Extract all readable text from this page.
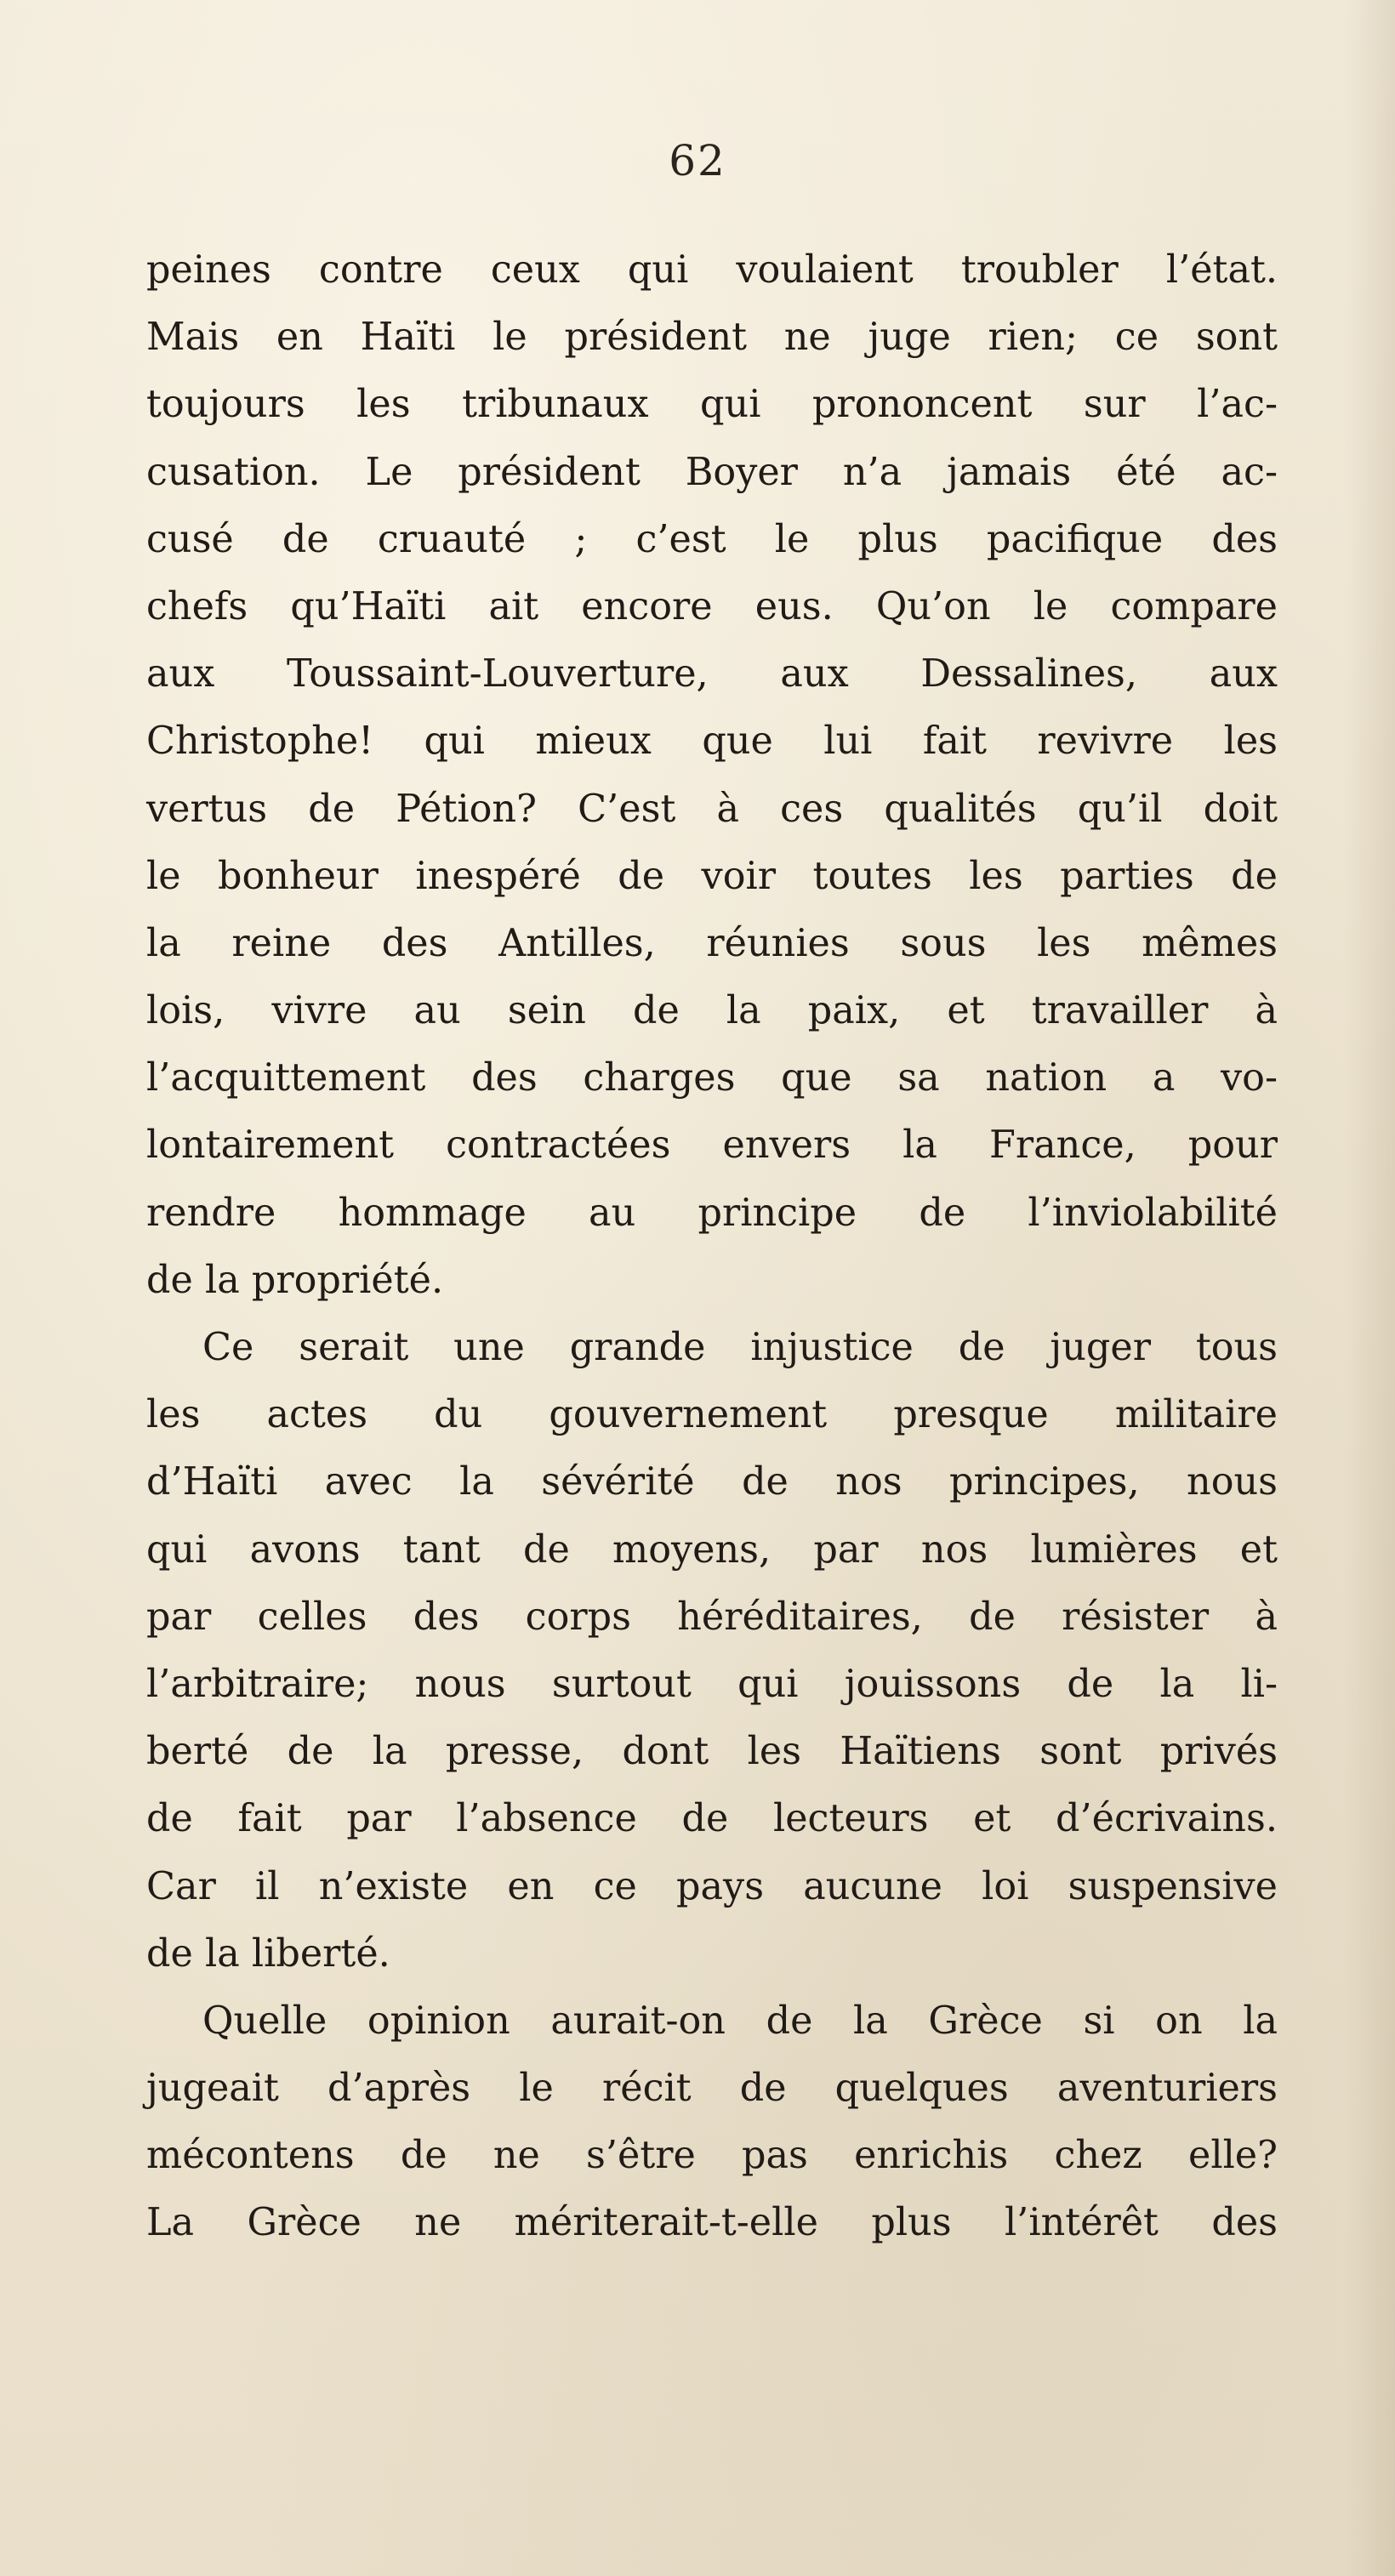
62
peines contre ceux qui voulaient troubler l’état.
Mais en Haïti le président ne juge rien; ce sont
toujours les tribunaux qui prononcent sur l’ac-
cusation. Le président Boyer n’a jamais été ac-
cusé de cruauté ; c’est le plus pacifique des
chefs qu’Haïti ait encore eus. Qu’on le compare
aux Toussaint-Louverture, aux Dessalines, aux
Christophe! qui mieux que lui fait revivre les
vertus de Pétion? C’est à ces qualités qu’il doit
le bonheur inespéré de voir toutes les parties de
la reine des Antilles, réunies sous les mêmes
lois, vivre au sein de la paix, et travailler à
l’acquittement des charges que sa nation a vo-
lontairement contractées envers la France, pour
rendre hommage au principe de l’inviolabilité
de la propriété.
Ce serait une grande injustice de juger tous
les actes du gouvernement presque militaire
d’Haïti avec la sévérité de nos principes, nous
qui avons tant de moyens, par nos lumières et
par celles des corps héréditaires, de résister à
l’arbitraire; nous surtout qui jouissons de la li-
berté de la presse, dont les Haïtiens sont privés
de fait par l’absence de lecteurs et d’écrivains.
Car il n’existe en ce pays aucune loi suspensive
de la liberté.
Quelle opinion aurait-on de la Grèce si on la
jugeait d’après le récit de quelques aventuriers
mécontens de ne s’être pas enrichis chez elle?
La Grèce ne mériterait-t-elle plus l’intérêt des
